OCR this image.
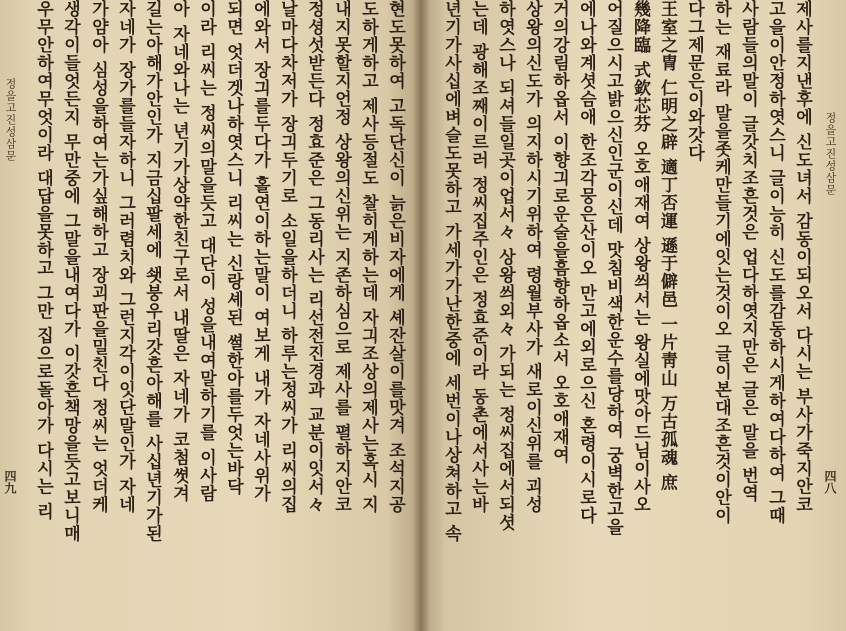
정을고진성삼문
四九 우무안하여무엇이라 대답을못하고 그만 집으로돌아가 다시는 리 생각이들엇든지 무만중에 그말을내여다가 이갓흔책망을듯고보니매 가얌아 심성을하여는가싶해하고 장괴판을밀친다 정씨는 엇더케 자네가 장가를들자하니 그러렴치와 그런지각이잇단말인가 자네 길는아해가안인가 지금십팔세에 쇗붕우리갓흔아해를 사십년기가된 아 자네와나는 년기가상약한친구로서 내딸은 자네가 코첨쎳겨 이라 리씨는 정씨의말을듯고 대단이 성을내여말하기를 이사람 되면 엇더겟나하엿스니 리씨는 신랑셰된 쎨한아를두엇는바닥 에와서 장긔를두다가 홀연이하는말이 여보게 내가 자네사위가 날마다차저가 장긔두기로 소일을하더니 하루는정씨가 리씨의집 정셩섯받든다 정효준은 그동리사는 리선전진경과 교분이잇서々 내지못할지언정 상왕의신위는 지존하심으로 제사를 펼하지안코 도하게하고 제사등절도 찰히게하는데 자긔조상의제사는혹시 지 현도못하여 고독단신이 늙은비자에게 셰잔살이를맛겨 조석지공 년기가사십에벼슬도못하고 가세가가난한중에 세번이나상쳐하고 속 는데 광해조째이르러 정씨집주인은 정효준이라 동촌에서사는바 하엿스나 되셔들일곳이업서々 상왕씌외々 가되는 정씨집에서되셧 상왕의신도가 의지하시기위하여 령월부사가 새로이신위를 괴성 거의강림하옵서 이향긔로운술을흠향하옵소서 오호애재여 에나와계셧슴애 한조각뭉은산이오 만고에외로으신 혼령이시로다 어질으시고밝으신인군이신데 맛침비색한운수를당하여 궁벽한고을 幾降臨 式欽芯芬 오호애재여 상왕씌서는 왕실에맛아드님이사오 王室之冑 仁明之辟 適丁否運 遜于僻邑 一片靑山 万古孤魂 庶 다그제문은이와갓다 하는 재료라 말을좃케만들기에잇는것이오 글이본대조흔것이안이 사람들의말이 글갓치조흔것은 업다하엿지만은 글은 말을 번역 고을이안정하엿스니 글이능히 신도를감동하시게하여다하여 그때 제사를지낸후에 신도녀서 감동이되오서 다시는 부사가죽지안코 정을고진성삼문
四八
